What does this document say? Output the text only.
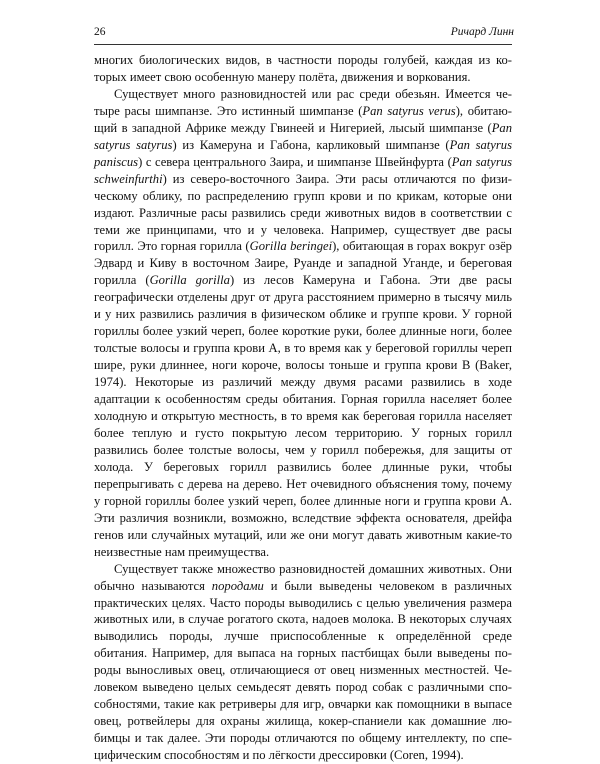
26	Ричард Линн

многих биологических видов, в частности породы голубей, каждая из которых имеет свою особенную манеру полёта, движения и воркования.

Существует много разновидностей или рас среди обезьян. Имеется четыре расы шимпанзе. Это истинный шимпанзе (Pan satyrus verus), обитающий в западной Африке между Гвинеей и Нигерией, лысый шимпанзе (Pan satyrus satyrus) из Камеруна и Габона, карликовый шимпанзе (Pan satyrus paniscus) с севера центрального Заира, и шимпанзе Швейнфурта (Pan satyrus schweinfurthi) из северо-восточного Заира. Эти расы отличаются по физическому облику, по распределению групп крови и по крикам, которые они издают. Различные расы развились среди животных видов в соответствии с теми же принципами, что и у человека. Например, существует две расы горилл. Это горная горилла (Gorilla beringei), обитающая в горах вокруг озёр Эдвард и Киву в восточном Заире, Руанде и западной Уганде, и береговая горилла (Gorilla gorilla) из лесов Камеруна и Габона. Эти две расы географически отделены друг от друга расстоянием примерно в тысячу миль и у них развились различия в физическом облике и группе крови. У горной гориллы более узкий череп, более короткие руки, более длинные ноги, более толстые волосы и группа крови А, в то время как у береговой гориллы череп шире, руки длиннее, ноги короче, волосы тоньше и группа крови В (Baker, 1974). Некоторые из различий между двумя расами развились в ходе адаптации к особенностям среды обитания. Горная горилла населяет более холодную и открытую местность, в то время как береговая горилла населяет более теплую и густо покрытую лесом территорию. У горных горилл развились более толстые волосы, чем у горилл побережья, для защиты от холода. У береговых горилл развились более длинные руки, чтобы перепрыгивать с дерева на дерево. Нет очевидного объяснения тому, почему у горной гориллы более узкий череп, более длинные ноги и группа крови А. Эти различия возникли, возможно, вследствие эффекта основателя, дрейфа генов или случайных мутаций, или же они могут давать животным какие-то неизвестные нам преимущества.

Существует также множество разновидностей домашних животных. Они обычно называются породами и были выведены человеком в различных практических целях. Часто породы выводились с целью увеличения размера животных или, в случае рогатого скота, надоев молока. В некоторых случаях выводились породы, лучше приспособленные к определённой среде обитания. Например, для выпаса на горных пастбищах были выведены породы выносливых овец, отличающиеся от овец низменных местностей. Человеком выведено целых семьдесят девять пород собак с различными способностями, такие как ретриверы для игр, овчарки как помощники в выпасе овец, ротвейлеры для охраны жилища, кокер-спаниели как домашние любимцы и так далее. Эти породы отличаются по общему интеллекту, по специфическим способностям и по лёгкости дрессировки (Coren, 1994).
